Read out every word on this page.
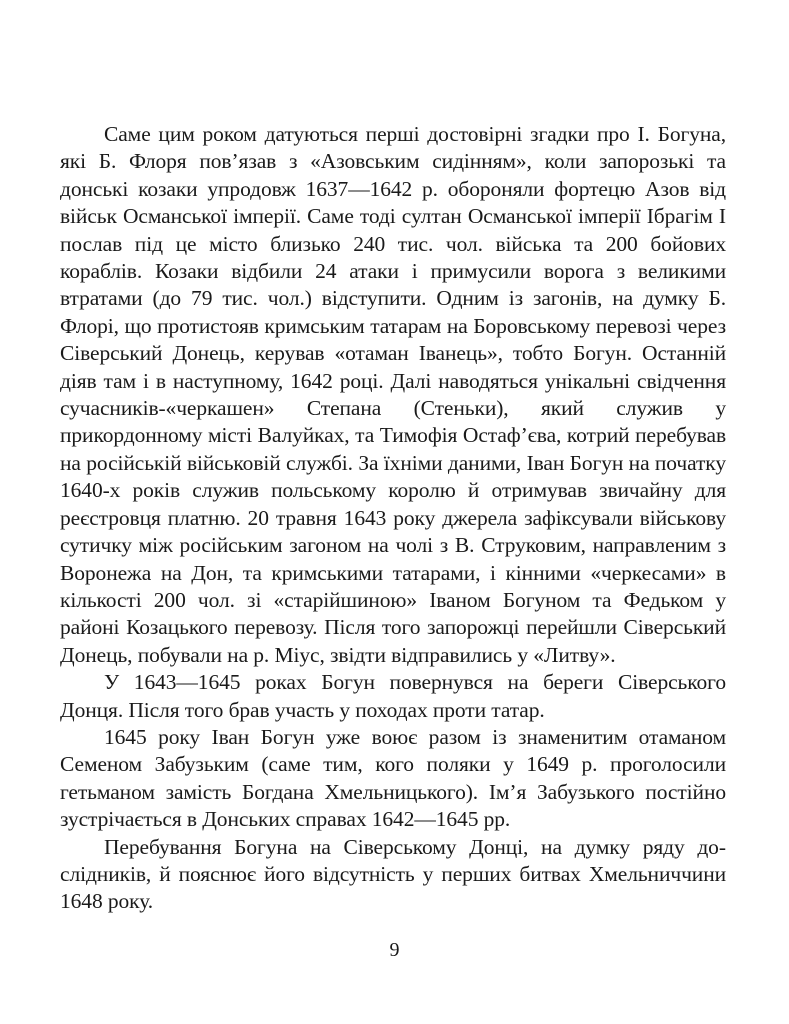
Саме цим роком датуються перші достовірні згадки про І. Богуна, які Б. Флоря пов’язав з «Азовським сидінням», коли запорозькі та донські козаки упродовж 1637—1642 р. обороняли фортецю Азов від військ Османської імперії. Саме тоді султан Османської імперії Ібрагім I послав під це місто близько 240 тис. чол. війська та 200 бойових кораблів. Козаки відбили 24 атаки і примусили ворога з великими втратами (до 79 тис. чол.) відступити. Одним із загонів, на думку Б. Флорі, що протистояв кримським татарам на Боровському перевозі через Сіверський Донець, керував «отаман Іванець», тобто Богун. Останній діяв там і в наступному, 1642 році. Далі наводяться унікальні свідчення сучасників-«черкашен» Степана (Стеньки), який служив у прикордонному місті Валуйках, та Тимофія Остаф’єва, котрий перебував на російській військовій службі. За їхніми даними, Іван Богун на початку 1640-х років служив польському королю й отримував звичайну для реєстровця платню. 20 травня 1643 року джерела зафіксували військову сутичку між російським загоном на чолі з В. Струковим, направленим з Воронежа на Дон, та кримськими татарами, і кінними «черкесами» в кількості 200 чол. зі «старійшиною» Іваном Богуном та Федьком у районі Козацького перевозу. Після того запорожці перейшли Сіверський Донець, побували на р. Міус, звідти відправились у «Литву».

У 1643—1645 роках Богун повернувся на береги Сіверського Донця. Після того брав участь у походах проти татар.

1645 року Іван Богун уже воює разом із знаменитим отаманом Семеном Забузьким (саме тим, кого поляки у 1649 р. проголосили гетьманом замість Богдана Хмельницького). Ім’я Забузького постійно зустрічається в Донських справах 1642—1645 рр.

Перебування Богуна на Сіверському Донці, на думку ряду дослідників, й пояснює його відсутність у перших битвах Хмельниччини 1648 року.

9
